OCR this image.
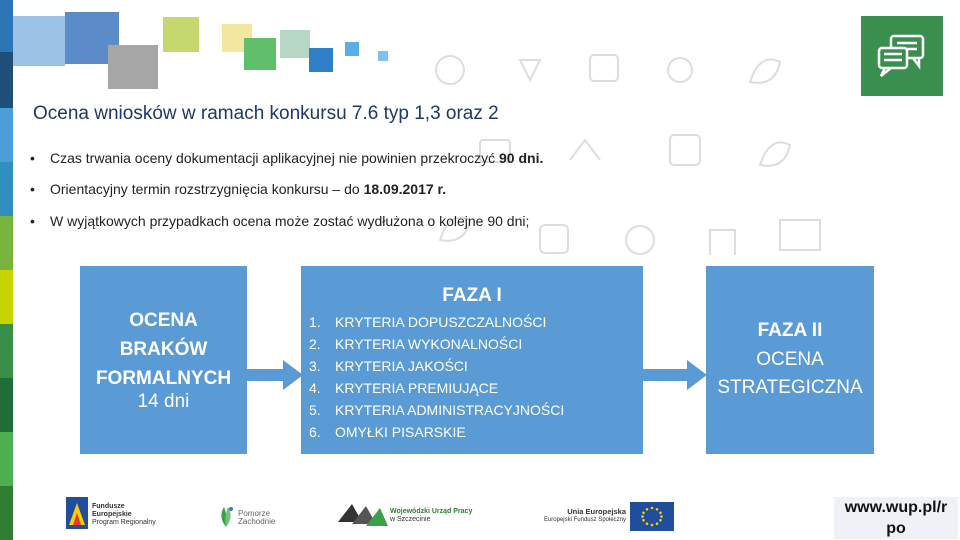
Ocena wniosków w ramach konkursu 7.6 typ 1,3 oraz 2
• Czas trwania oceny dokumentacji aplikacyjnej nie powinien przekroczyć 90 dni.
• Orientacyjny termin rozstrzygnięcia konkursu – do 18.09.2017 r.
• W wyjątkowych przypadkach ocena może zostać wydłużona o kolejne 90 dni;
OCENA
BRAKÓW
FORMALNYCH
14 dni
FAZA I
1. KRYTERIA DOPUSZCZALNOŚCI
2. KRYTERIA WYKONALNOŚCI
3. KRYTERIA JAKOŚCI
4. KRYTERIA PREMIUJĄCE
5. KRYTERIA ADMINISTRACYJNOŚCI
6. OMYŁKI PISARSKIE
FAZA II
OCENA
STRATEGICZNA
Fundusze
Europejskie
Program Regionalny
Pomorze
Zachodnie
Wojewódzki Urząd Pracy
w Szczecinie
Unia Europejska
Europejski Fundusz Społeczny
www.wup.pl/r
po
